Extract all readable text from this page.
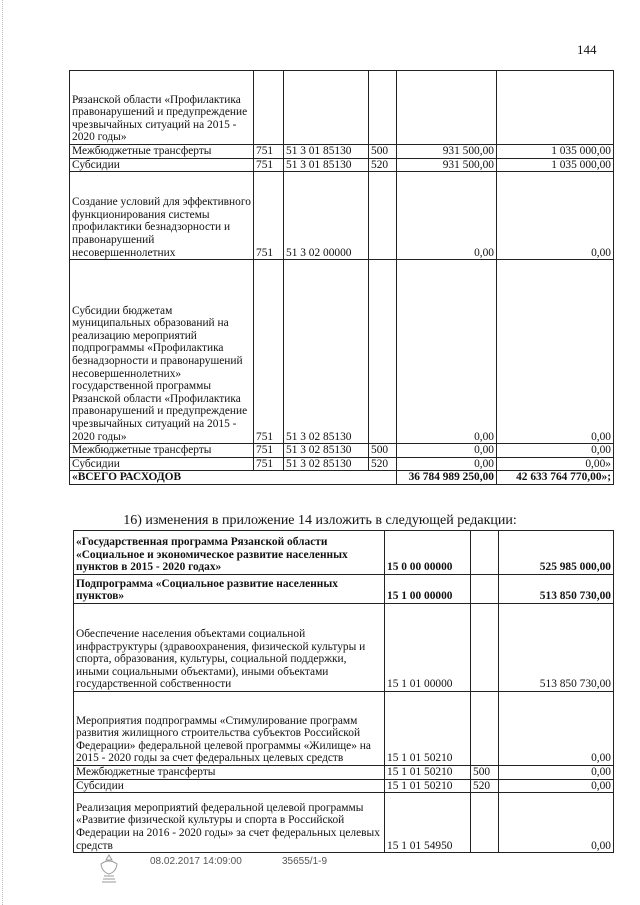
144
Рязанской области «Профилактика правонарушений и предупреждение чрезвычайных ситуаций на 2015 - 2020 годы»					
Межбюджетные трансферты	751	51 3 01 85130	500	931 500,00	1 035 000,00
Субсидии	751	51 3 01 85130	520	931 500,00	1 035 000,00
Создание условий для эффективного функционирования системы профилактики безнадзорности и правонарушений несовершеннолетних	751	51 3 02 00000		0,00	0,00
Субсидии бюджетам муниципальных образований на реализацию мероприятий подпрограммы «Профилактика безнадзорности и правонарушений несовершеннолетних» государственной программы Рязанской области «Профилактика правонарушений и предупреждение чрезвычайных ситуаций на 2015 - 2020 годы»	751	51 3 02 85130		0,00	0,00
Межбюджетные трансферты	751	51 3 02 85130	500	0,00	0,00
Субсидии	751	51 3 02 85130	520	0,00	0,00»
«ВСЕГО РАСХОДОВ				36 784 989 250,00	42 633 764 770,00»;
16) изменения в приложение 14 изложить в следующей редакции:
«Государственная программа Рязанской области «Социальное и экономическое развитие населенных пунктов в 2015 - 2020 годах»	15 0 00 00000		525 985 000,00
Подпрограмма «Социальное развитие населенных пунктов»	15 1 00 00000		513 850 730,00
Обеспечение населения объектами социальной инфраструктуры (здравоохранения, физической культуры и спорта, образования, культуры, социальной поддержки, иными социальными объектами), иными объектами государственной собственности	15 1 01 00000		513 850 730,00
Мероприятия подпрограммы «Стимулирование программ развития жилищного строительства субъектов Российской Федерации» федеральной целевой программы «Жилище» на 2015 - 2020 годы за счет федеральных целевых средств	15 1 01 50210		0,00
Межбюджетные трансферты	15 1 01 50210	500	0,00
Субсидии	15 1 01 50210	520	0,00
Реализация мероприятий федеральной целевой программы «Развитие физической культуры и спорта в Российской Федерации на 2016 - 2020 годы» за счет федеральных целевых средств	15 1 01 54950		0,00
08.02.2017 14:09:00	35655/1-9
